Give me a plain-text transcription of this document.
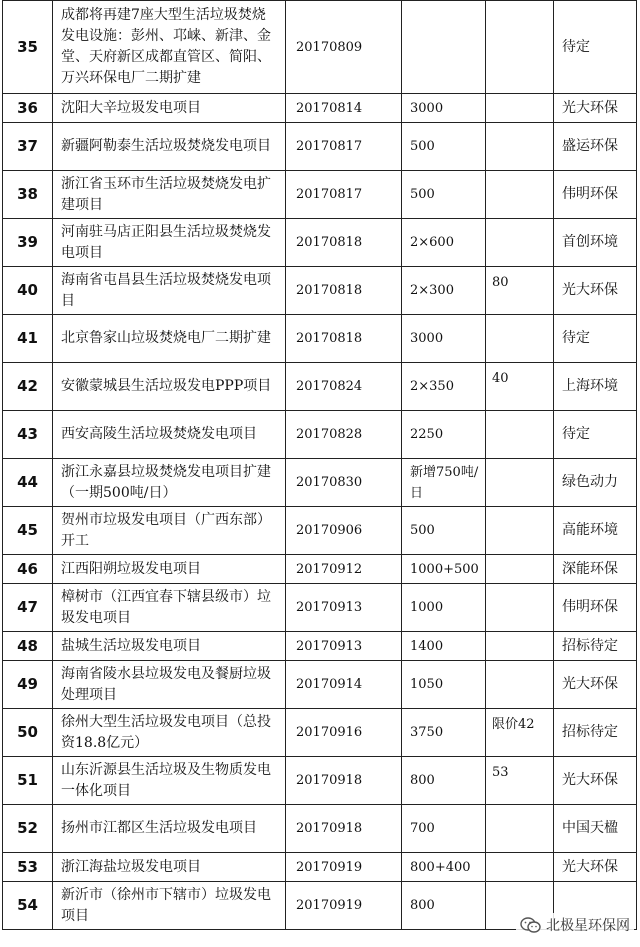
35	成都将再建7座大型生活垃圾焚烧发电设施：彭州、邛崃、新津、金堂、天府新区成都直管区、简阳、万兴环保电厂二期扩建	20170809			待定
36	沈阳大辛垃圾发电项目	20170814	3000		光大环保
37	新疆阿勒泰生活垃圾焚烧发电项目	20170817	500		盛运环保
38	浙江省玉环市生活垃圾焚烧发电扩建项目	20170817	500		伟明环保
39	河南驻马店正阳县生活垃圾焚烧发电项目	20170818	2×600		首创环境
40	海南省屯昌县生活垃圾焚烧发电项目	20170818	2×300	80	光大环保
41	北京鲁家山垃圾焚烧电厂二期扩建	20170818	3000		待定
42	安徽蒙城县生活垃圾发电PPP项目	20170824	2×350	40	上海环境
43	西安高陵生活垃圾焚烧发电项目	20170828	2250		待定
44	浙江永嘉县垃圾焚烧发电项目扩建（一期500吨/日）	20170830	新增750吨/日		绿色动力
45	贺州市垃圾发电项目（广西东部）开工	20170906	500		高能环境
46	江西阳朔垃圾发电项目	20170912	1000+500		深能环保
47	樟树市（江西宜春下辖县级市）垃圾发电项目	20170913	1000		伟明环保
48	盐城生活垃圾发电项目	20170913	1400		招标待定
49	海南省陵水县垃圾发电及餐厨垃圾处理项目	20170914	1050		光大环保
50	徐州大型生活垃圾发电项目（总投资18.8亿元）	20170916	3750	限价42	招标待定
51	山东沂源县生活垃圾及生物质发电一体化项目	20170918	800	53	光大环保
52	扬州市江都区生活垃圾发电项目	20170918	700		中国天楹
53	浙江海盐垃圾发电项目	20170919	800+400		光大环保
54	新沂市（徐州市下辖市）垃圾发电项目	20170919	800		
北极星环保网
